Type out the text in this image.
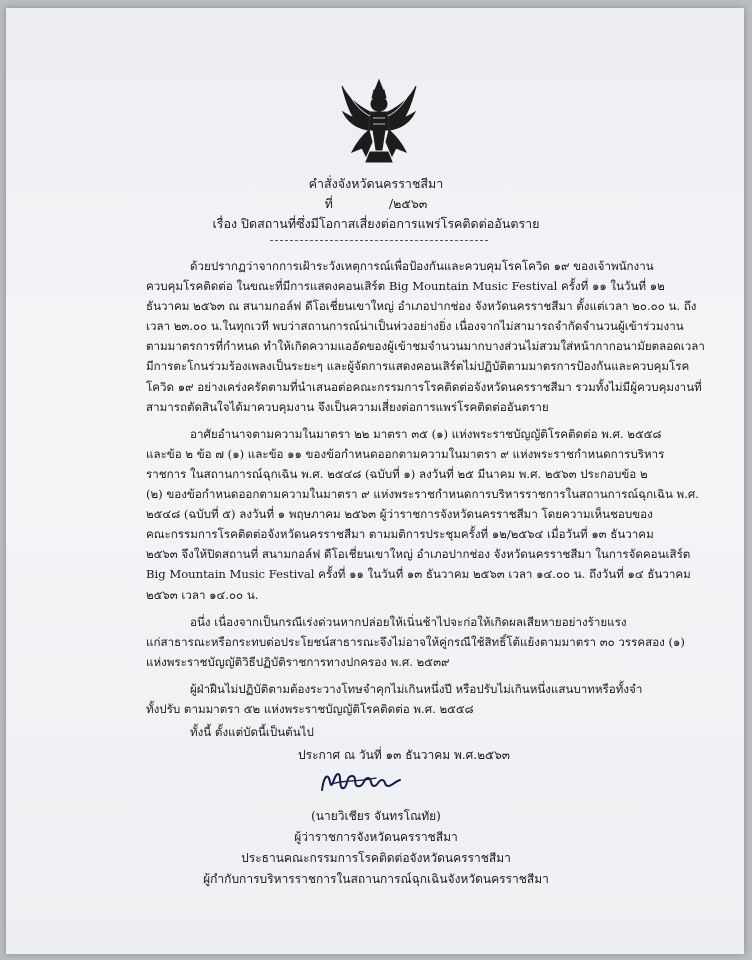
คำสั่งจังหวัดนครราชสีมา
ที่	/๒๕๖๓
เรื่อง ปิดสถานที่ซึ่งมีโอกาสเสี่ยงต่อการแพร่โรคติดต่ออันตราย
ด้วยปรากฏว่าจากการเฝ้าระวังเหตุการณ์เพื่อป้องกันและควบคุมโรคโควิด ๑๙ ของเจ้าพนักงาน
ควบคุมโรคติดต่อ ในขณะที่มีการแสดงคอนเสิร์ต Big Mountain Music Festival ครั้งที่ ๑๑ ในวันที่ ๑๒
ธันวาคม ๒๕๖๓ ณ สนามกอล์ฟ ดีโอเชี่ยนเขาใหญ่ อำเภอปากช่อง จังหวัดนครราชสีมา ตั้งแต่เวลา ๒๐.๐๐ น. ถึง
เวลา ๒๓.๐๐ น.ในทุกเวที พบว่าสถานการณ์น่าเป็นห่วงอย่างยิ่ง เนื่องจากไม่สามารถจำกัดจำนวนผู้เข้าร่วมงาน
ตามมาตรการที่กำหนด ทำให้เกิดความแออัดของผู้เข้าชมจำนวนมากบางส่วนไม่สวมใส่หน้ากากอนามัยตลอดเวลา
มีการตะโกนร่วมร้องเพลงเป็นระยะๆ และผู้จัดการแสดงคอนเสิร์ตไม่ปฏิบัติตามมาตรการป้องกันและควบคุมโรค
โควิด ๑๙ อย่างเคร่งครัดตามที่นำเสนอต่อคณะกรรมการโรคติดต่อจังหวัดนครราชสีมา รวมทั้งไม่มีผู้ควบคุมงานที่
สามารถตัดสินใจได้มาควบคุมงาน จึงเป็นความเสี่ยงต่อการแพร่โรคติดต่ออันตราย
อาศัยอำนาจตามความในมาตรา ๒๒ มาตรา ๓๕ (๑) แห่งพระราชบัญญัติโรคติดต่อ พ.ศ. ๒๕๕๘
และข้อ ๒ ข้อ ๗ (๑) และข้อ ๑๑ ของข้อกำหนดออกตามความในมาตรา ๙ แห่งพระราชกำหนดการบริหาร
ราชการ ในสถานการณ์ฉุกเฉิน พ.ศ. ๒๕๔๘ (ฉบับที่ ๑) ลงวันที่ ๒๕ มีนาคม พ.ศ. ๒๕๖๓ ประกอบข้อ ๒
(๒) ของข้อกำหนดออกตามความในมาตรา ๙ แห่งพระราชกำหนดการบริหารราชการในสถานการณ์ฉุกเฉิน พ.ศ.
๒๕๔๘ (ฉบับที่ ๕) ลงวันที่ ๑ พฤษภาคม ๒๕๖๓ ผู้ว่าราชการจังหวัดนครราชสีมา โดยความเห็นชอบของ
คณะกรรมการโรคติดต่อจังหวัดนครราชสีมา ตามมติการประชุมครั้งที่ ๑๒/๒๕๖๔ เมื่อวันที่ ๑๓ ธันวาคม
๒๕๖๓ จึงให้ปิดสถานที่ สนามกอล์ฟ ดีโอเชี่ยนเขาใหญ่ อำเภอปากช่อง จังหวัดนครราชสีมา ในการจัดคอนเสิร์ต
Big Mountain Music Festival ครั้งที่ ๑๑ ในวันที่ ๑๓ ธันวาคม ๒๕๖๓ เวลา ๑๔.๐๐ น. ถึงวันที่ ๑๔ ธันวาคม
๒๕๖๓ เวลา ๑๔.๐๐ น.
อนึ่ง เนื่องจากเป็นกรณีเร่งด่วนหากปล่อยให้เนิ่นช้าไปจะก่อให้เกิดผลเสียหายอย่างร้ายแรง
แก่สาธารณะหรือกระทบต่อประโยชน์สาธารณะจึงไม่อาจให้คู่กรณีใช้สิทธิ์โต้แย้งตามมาตรา ๓๐ วรรคสอง (๑)
แห่งพระราชบัญญัติวิธีปฏิบัติราชการทางปกครอง พ.ศ. ๒๕๓๙
ผู้ฝ่าฝืนไม่ปฏิบัติตามต้องระวางโทษจำคุกไม่เกินหนึ่งปี หรือปรับไม่เกินหนึ่งแสนบาทหรือทั้งจำ
ทั้งปรับ ตามมาตรา ๕๒ แห่งพระราชบัญญัติโรคติดต่อ พ.ศ. ๒๕๕๘
ทั้งนี้ ตั้งแต่บัดนี้เป็นต้นไป
ประกาศ ณ วันที่ ๑๓ ธันวาคม พ.ศ.๒๕๖๓
(นายวิเชียร จันทรโณทัย)
ผู้ว่าราชการจังหวัดนครราชสีมา
ประธานคณะกรรมการโรคติดต่อจังหวัดนครราชสีมา
ผู้กำกับการบริหารราชการในสถานการณ์ฉุกเฉินจังหวัดนครราชสีมา
